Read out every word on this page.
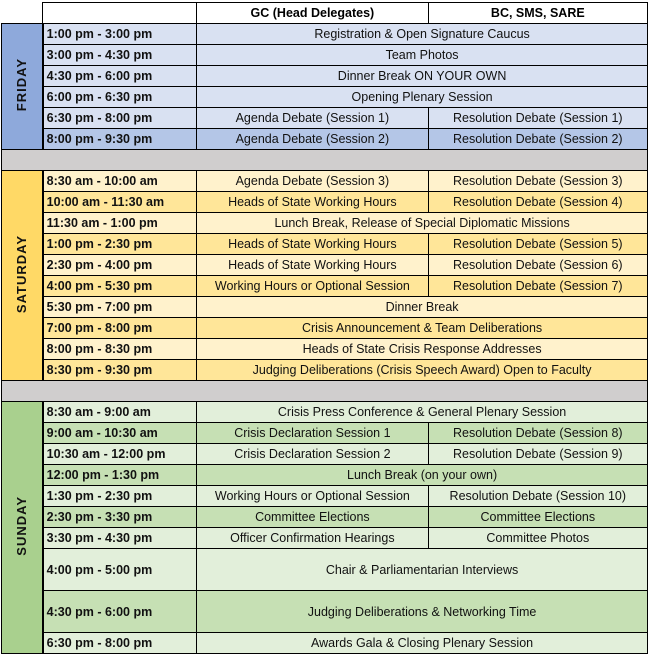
		GC (Head Delegates)	BC, SMS, SARE
FRIDAY	1:00 pm - 3:00 pm	Registration & Open Signature Caucus	
	3:00 pm - 4:30 pm	Team Photos	
	4:30 pm - 6:00 pm	Dinner Break ON YOUR OWN	
	6:00 pm - 6:30 pm	Opening Plenary Session	
	6:30 pm - 8:00 pm	Agenda Debate (Session 1)	Resolution Debate (Session 1)
	8:00 pm - 9:30 pm	Agenda Debate (Session 2)	Resolution Debate (Session 2)

SATURDAY	8:30 am - 10:00 am	Agenda Debate (Session 3)	Resolution Debate (Session 3)
	10:00 am - 11:30 am	Heads of State Working Hours	Resolution Debate (Session 4)
	11:30 am - 1:00 pm	Lunch Break, Release of Special Diplomatic Missions	
	1:00 pm - 2:30 pm	Heads of State Working Hours	Resolution Debate (Session 5)
	2:30 pm - 4:00 pm	Heads of State Working Hours	Resolution Debate (Session 6)
	4:00 pm - 5:30 pm	Working Hours or Optional Session	Resolution Debate (Session 7)
	5:30 pm - 7:00 pm	Dinner Break	
	7:00 pm - 8:00 pm	Crisis Announcement & Team Deliberations	
	8:00 pm - 8:30 pm	Heads of State Crisis Response Addresses	
	8:30 pm - 9:30 pm	Judging Deliberations (Crisis Speech Award) Open to Faculty	

SUNDAY	8:30 am - 9:00 am	Crisis Press Conference & General Plenary Session	
	9:00 am - 10:30 am	Crisis Declaration Session 1	Resolution Debate (Session 8)
	10:30 am - 12:00 pm	Crisis Declaration Session 2	Resolution Debate (Session 9)
	12:00 pm - 1:30 pm	Lunch Break (on your own)	
	1:30 pm - 2:30 pm	Working Hours or Optional Session	Resolution Debate (Session 10)
	2:30 pm - 3:30 pm	Committee Elections	Committee Elections
	3:30 pm - 4:30 pm	Officer Confirmation Hearings	Committee Photos
	4:00 pm - 5:00 pm	Chair & Parliamentarian Interviews	
	4:30 pm - 6:00 pm	Judging Deliberations & Networking Time	
	6:30 pm - 8:00 pm	Awards Gala & Closing Plenary Session	
